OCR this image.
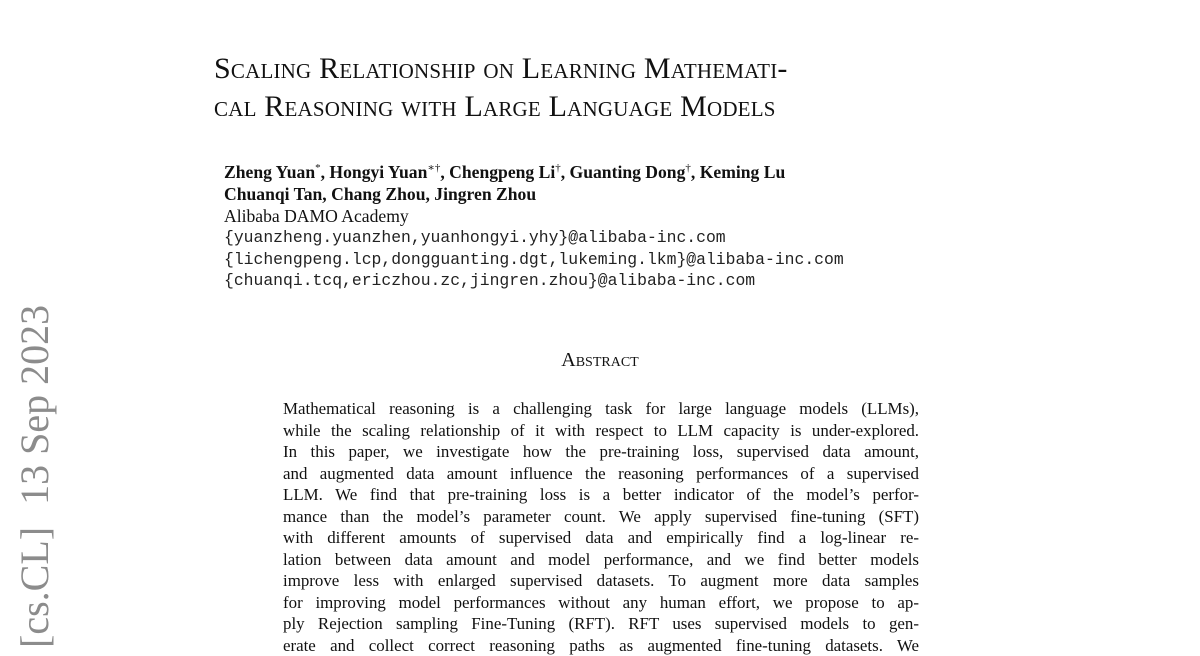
Scaling Relationship on Learning Mathemati-
cal Reasoning with Large Language Models
Zheng Yuan*, Hongyi Yuan∗†, Chengpeng Li†, Guanting Dong†, Keming Lu
Chuanqi Tan, Chang Zhou, Jingren Zhou
Alibaba DAMO Academy
{yuanzheng.yuanzhen,yuanhongyi.yhy}@alibaba-inc.com
{lichengpeng.lcp,dongguanting.dgt,lukeming.lkm}@alibaba-inc.com
{chuanqi.tcq,ericzhou.zc,jingren.zhou}@alibaba-inc.com
Abstract
Mathematical reasoning is a challenging task for large language models (LLMs),
while the scaling relationship of it with respect to LLM capacity is under-explored.
In this paper, we investigate how the pre-training loss, supervised data amount,
and augmented data amount influence the reasoning performances of a supervised
LLM. We find that pre-training loss is a better indicator of the model’s perfor-
mance than the model’s parameter count. We apply supervised fine-tuning (SFT)
with different amounts of supervised data and empirically find a log-linear re-
lation between data amount and model performance, and we find better models
improve less with enlarged supervised datasets. To augment more data samples
for improving model performances without any human effort, we propose to ap-
ply Rejection sampling Fine-Tuning (RFT). RFT uses supervised models to gen-
erate and collect correct reasoning paths as augmented fine-tuning datasets. We
[cs.CL]13 Sep 2023
